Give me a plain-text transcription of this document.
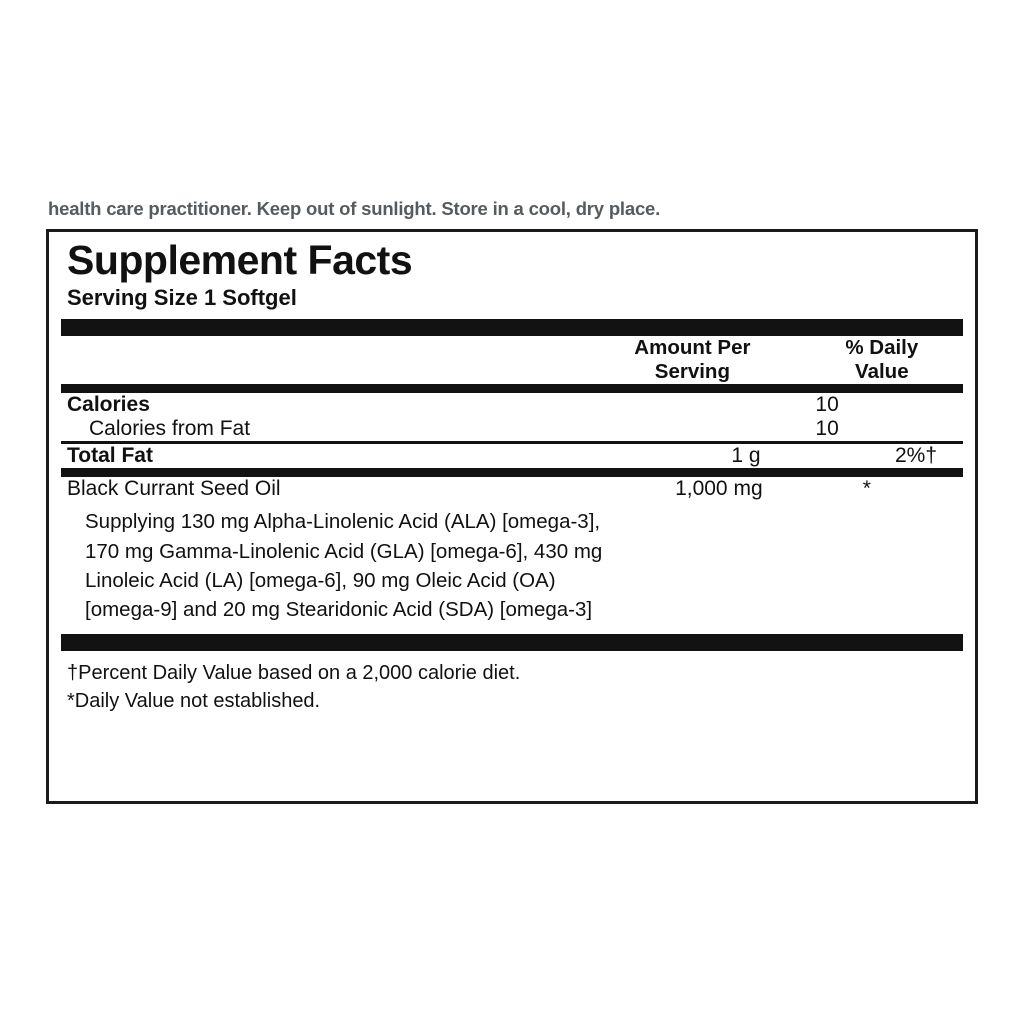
health care practitioner. Keep out of sunlight. Store in a cool, dry place.
Supplement Facts
Serving Size 1 Softgel

Amount Per
Serving

% Daily
Value
Calories	10	
Calories from Fat	10	
Total Fat	1 g	2%†
Black Currant Seed Oil	1,000 mg	*
Supplying 130 mg Alpha-Linolenic Acid (ALA) [omega-3],
170 mg Gamma-Linolenic Acid (GLA) [omega-6], 430 mg
Linoleic Acid (LA) [omega-6], 90 mg Oleic Acid (OA)
[omega-9] and 20 mg Stearidonic Acid (SDA) [omega-3]
†Percent Daily Value based on a 2,000 calorie diet.
*Daily Value not established.
